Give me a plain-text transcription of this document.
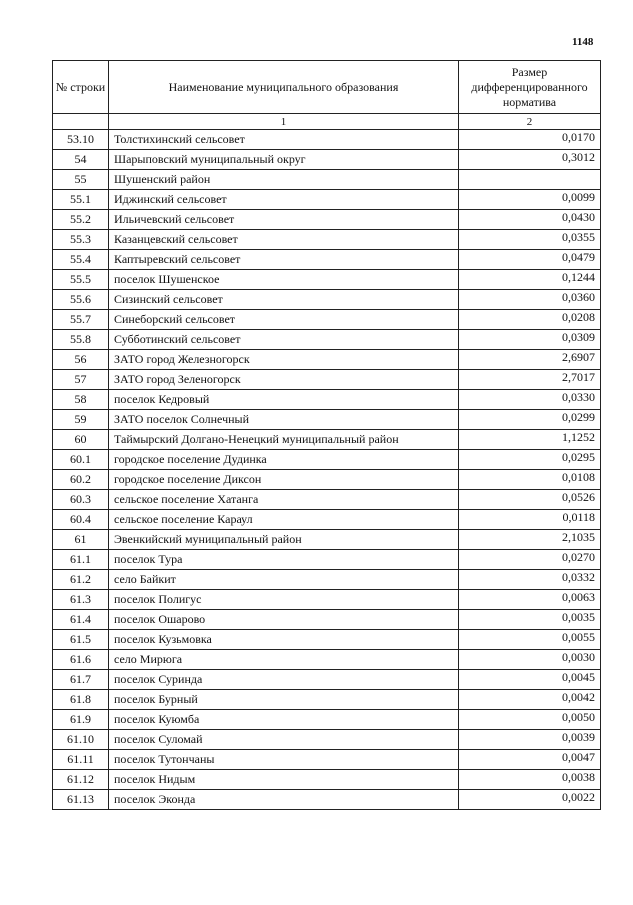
1148
№ строки	Наименование муниципального образования	Размер дифференцированного норматива
	1	2
53.10	Толстихинский сельсовет	0,0170
54	Шарыповский муниципальный округ	0,3012
55	Шушенский район	
55.1	Иджинский сельсовет	0,0099
55.2	Ильичевский сельсовет	0,0430
55.3	Казанцевский сельсовет	0,0355
55.4	Каптыревский сельсовет	0,0479
55.5	поселок Шушенское	0,1244
55.6	Сизинский сельсовет	0,0360
55.7	Синеборский сельсовет	0,0208
55.8	Субботинский сельсовет	0,0309
56	ЗАТО город Железногорск	2,6907
57	ЗАТО город Зеленогорск	2,7017
58	поселок Кедровый	0,0330
59	ЗАТО поселок Солнечный	0,0299
60	Таймырский Долгано-Ненецкий муниципальный район	1,1252
60.1	городское поселение Дудинка	0,0295
60.2	городское поселение Диксон	0,0108
60.3	сельское поселение Хатанга	0,0526
60.4	сельское поселение Караул	0,0118
61	Эвенкийский муниципальный район	2,1035
61.1	поселок Тура	0,0270
61.2	село Байкит	0,0332
61.3	поселок Полигус	0,0063
61.4	поселок Ошарово	0,0035
61.5	поселок Кузьмовка	0,0055
61.6	село Мирюга	0,0030
61.7	поселок Суринда	0,0045
61.8	поселок Бурный	0,0042
61.9	поселок Куюмба	0,0050
61.10	поселок Суломай	0,0039
61.11	поселок Тутончаны	0,0047
61.12	поселок Нидым	0,0038
61.13	поселок Эконда	0,0022
